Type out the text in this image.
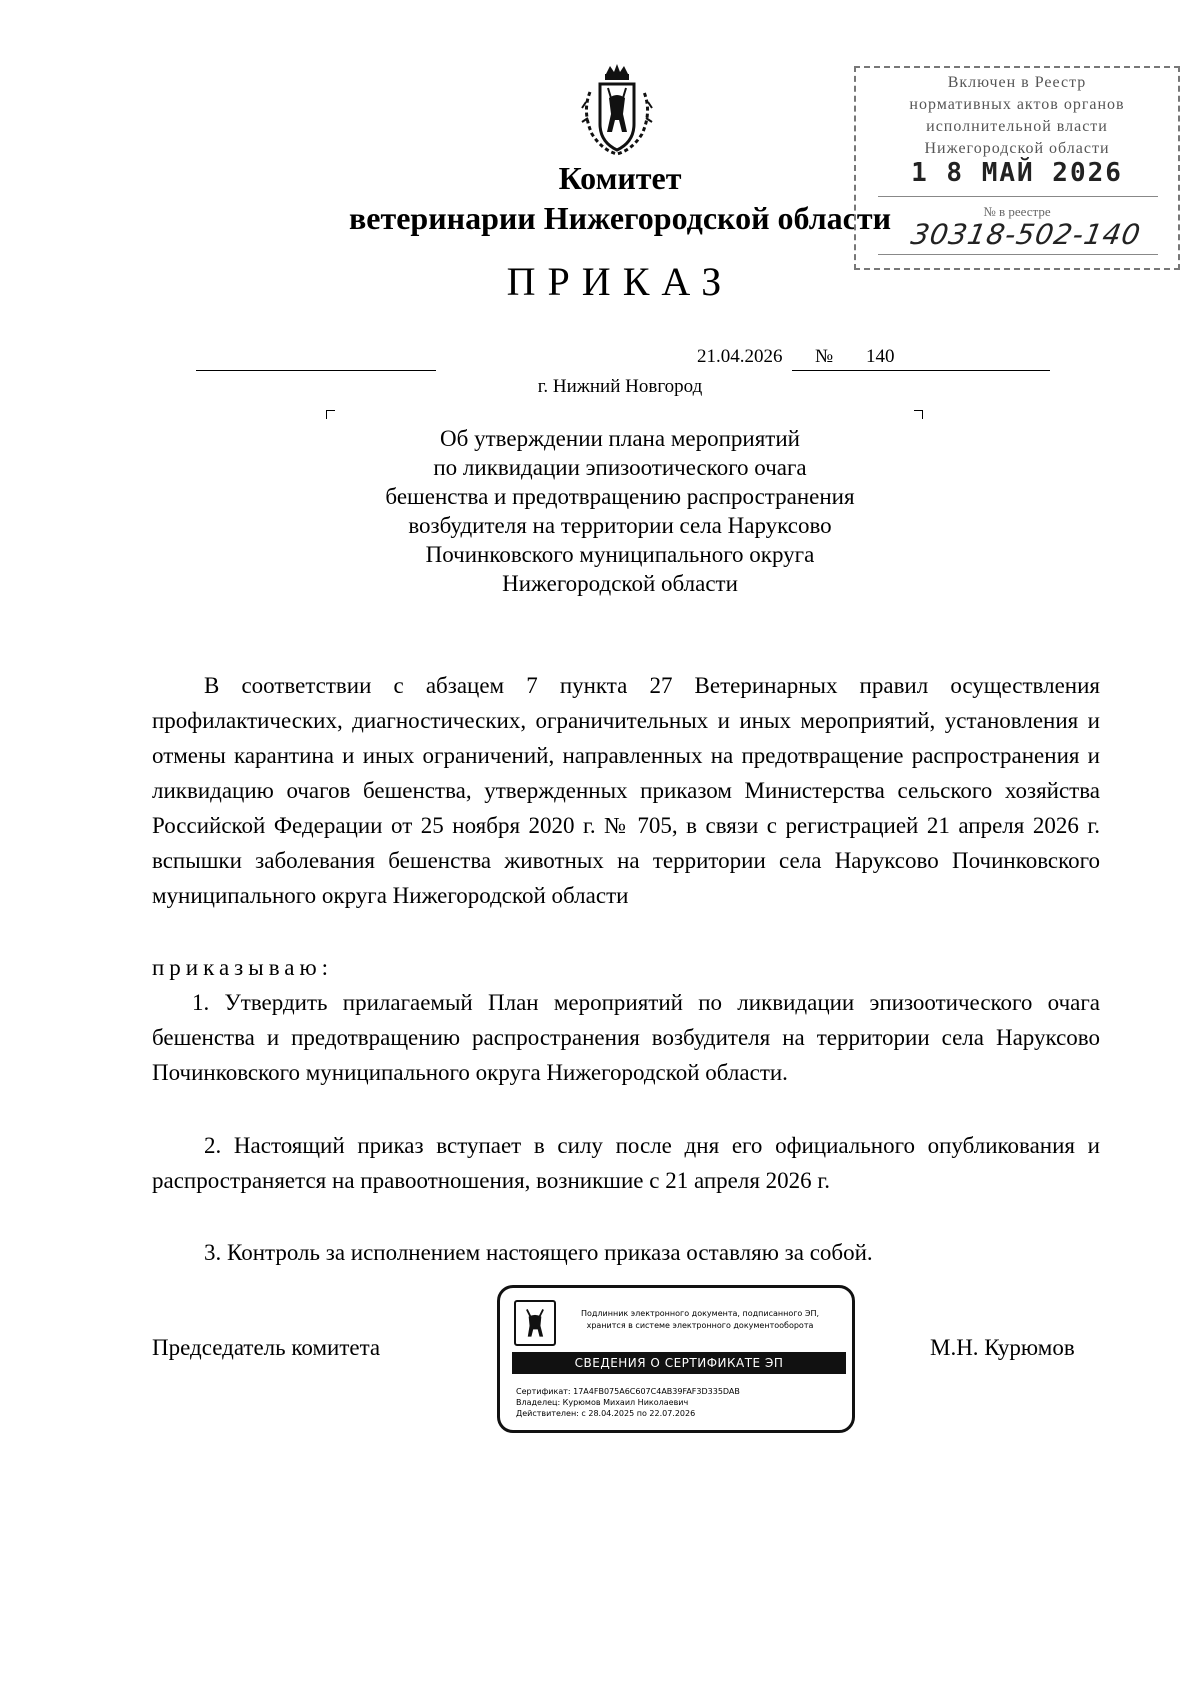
Комитет
ветеринарии Нижегородской области
ПРИКАЗ
Включен в Реестр
нормативных актов органов
исполнительной власти
Нижегородской области
1 8 МАЙ 2026
№ в реестре
30318-502-140
21.04.2026 № 140
г. Нижний Новгород
Об утверждении плана мероприятий
по ликвидации эпизоотического очага
бешенства и предотвращению распространения
возбудителя на территории села Наруксово
Починковского муниципального округа
Нижегородской области

В соответствии с абзацем 7 пункта 27 Ветеринарных правил осуществления профилактических, диагностических, ограничительных и иных мероприятий, установления и отмены карантина и иных ограничений, направленных на предотвращение распространения и ликвидацию очагов бешенства, утвержденных приказом Министерства сельского хозяйства Российской Федерации от 25 ноября 2020 г. № 705, в связи с регистрацией 21 апреля 2026 г. вспышки заболевания бешенства животных на территории села Наруксово Починковского муниципального округа Нижегородской области

приказываю:

1. Утвердить прилагаемый План мероприятий по ликвидации эпизоотического очага бешенства и предотвращению распространения возбудителя на территории села Наруксово Починковского муниципального округа Нижегородской области.

2. Настоящий приказ вступает в силу после дня его официального опубликования и распространяется на правоотношения, возникшие с 21 апреля 2026 г.

3. Контроль за исполнением настоящего приказа оставляю за собой.

Председатель комитета
Подлинник электронного документа, подписанного ЭП,
хранится в системе электронного документооборота
СВЕДЕНИЯ О СЕРТИФИКАТЕ ЭП
Сертификат: 17A4FB075A6C607C4AB39FAF3D335DAB
Владелец: Курюмов Михаил Николаевич
Действителен: с 28.04.2025 по 22.07.2026
М.Н. Курюмов
